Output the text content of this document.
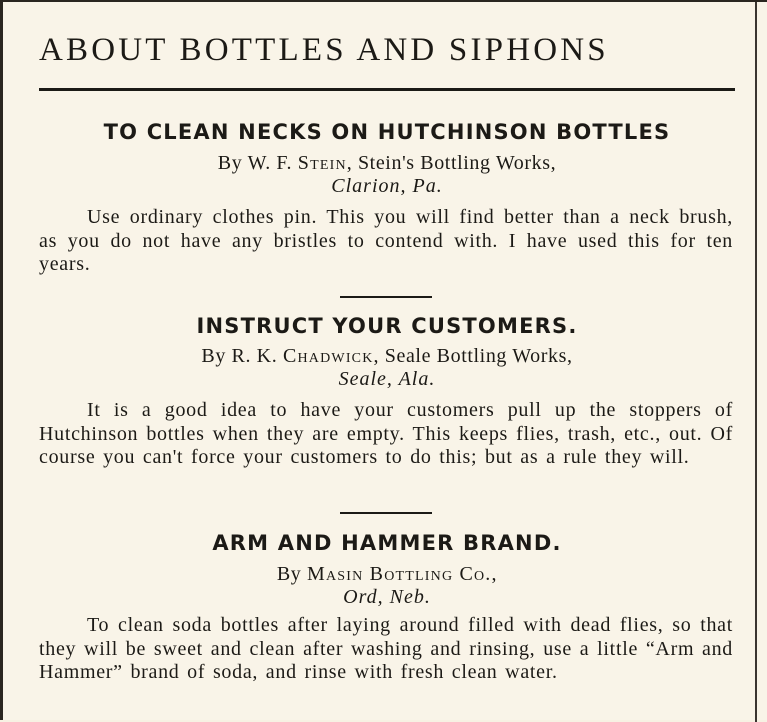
ABOUT BOTTLES AND SIPHONS
TO CLEAN NECKS ON HUTCHINSON BOTTLES
By W. F. Stein, Stein's Bottling Works,
Clarion, Pa.

Use ordinary clothes pin. This you will find better than a neck brush, as you do not have any bristles to contend with. I have used this for ten years.

INSTRUCT YOUR CUSTOMERS.
By R. K. Chadwick, Seale Bottling Works,
Seale, Ala.

It is a good idea to have your customers pull up the stoppers of Hutchinson bottles when they are empty. This keeps flies, trash, etc., out. Of course you can't force your customers to do this; but as a rule they will.

ARM AND HAMMER BRAND.
By Masin Bottling Co.,
Ord, Neb.

To clean soda bottles after laying around filled with dead flies, so that they will be sweet and clean after washing and rinsing, use a little “Arm and Hammer” brand of soda, and rinse with fresh clean water.
